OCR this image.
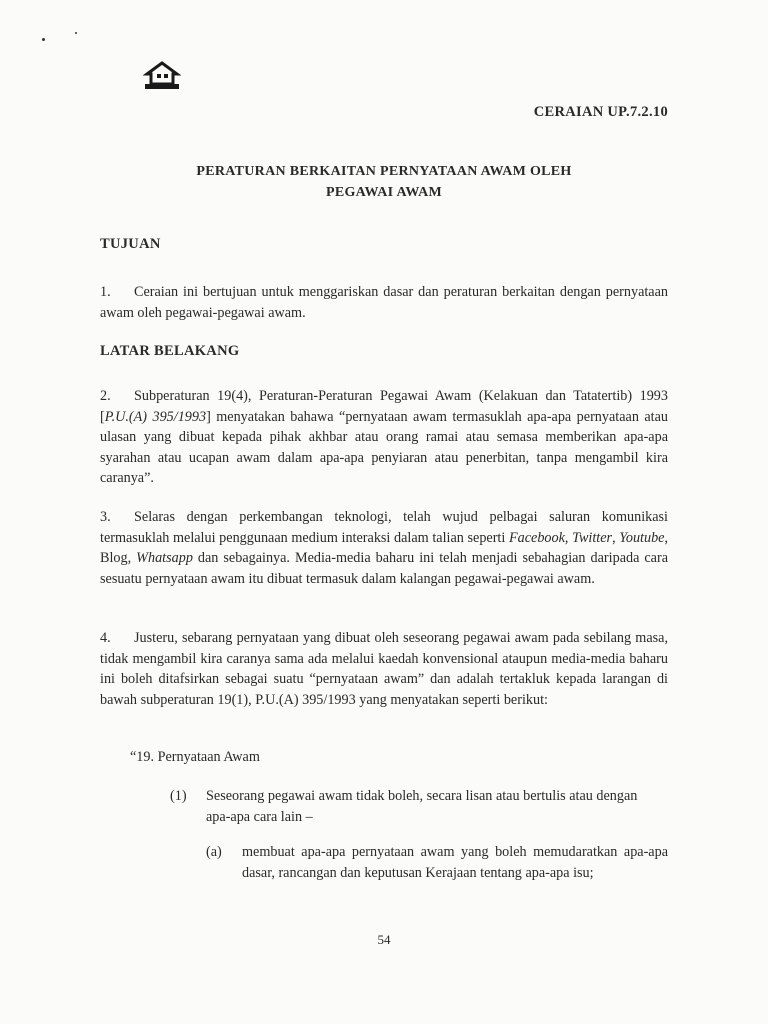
CERAIAN UP.7.2.10
PERATURAN BERKAITAN PERNYATAAN AWAM OLEH
PEGAWAI AWAM
TUJUAN
1. Ceraian ini bertujuan untuk menggariskan dasar dan peraturan berkaitan dengan pernyataan awam oleh pegawai-pegawai awam.
LATAR BELAKANG
2. Subperaturan 19(4), Peraturan-Peraturan Pegawai Awam (Kelakuan dan Tatatertib) 1993 [P.U.(A) 395/1993] menyatakan bahawa “pernyataan awam termasuklah apa-apa pernyataan atau ulasan yang dibuat kepada pihak akhbar atau orang ramai atau semasa memberikan apa-apa syarahan atau ucapan awam dalam apa-apa penyiaran atau penerbitan, tanpa mengambil kira caranya”.
3. Selaras dengan perkembangan teknologi, telah wujud pelbagai saluran komunikasi termasuklah melalui penggunaan medium interaksi dalam talian seperti Facebook, Twitter, Youtube, Blog, Whatsapp dan sebagainya. Media-media baharu ini telah menjadi sebahagian daripada cara sesuatu pernyataan awam itu dibuat termasuk dalam kalangan pegawai-pegawai awam.
4. Justeru, sebarang pernyataan yang dibuat oleh seseorang pegawai awam pada sebilang masa, tidak mengambil kira caranya sama ada melalui kaedah konvensional ataupun media-media baharu ini boleh ditafsirkan sebagai suatu “pernyataan awam” dan adalah tertakluk kepada larangan di bawah subperaturan 19(1), P.U.(A) 395/1993 yang menyatakan seperti berikut:
“19. Pernyataan Awam
(1) Seseorang pegawai awam tidak boleh, secara lisan atau bertulis atau dengan apa-apa cara lain –
(a) membuat apa-apa pernyataan awam yang boleh memudaratkan apa-apa dasar, rancangan dan keputusan Kerajaan tentang apa-apa isu;
54
